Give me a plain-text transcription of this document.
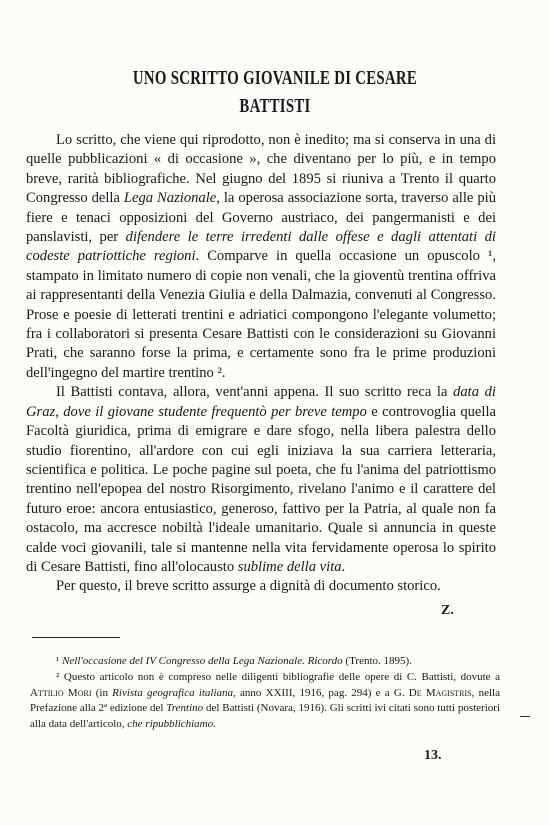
UNO SCRITTO GIOVANILE DI CESARE BATTISTI

Lo scritto, che viene qui riprodotto, non è inedito; ma si conserva in una di quelle pubblicazioni « di occasione », che diventano per lo più, e in tempo breve, rarità bibliografiche. Nel giugno del 1895 si riuniva a Trento il quarto Congresso della Lega Nazionale, la operosa associazione sorta, traverso alle più fiere e tenaci opposizioni del Governo austriaco, dei pangermanisti e dei panslavisti, per difendere le terre irredenti dalle offese e dagli attentati di codeste patriottiche regioni. Comparve in quella occasione un opuscolo ¹, stampato in limitato numero di copie non venali, che la gioventù trentina offriva ai rappresentanti della Venezia Giulia e della Dalmazia, convenuti al Congresso. Prose e poesie di letterati trentini e adriatici compongono l'elegante volumetto; fra i collaboratori si presenta Cesare Battisti con le considerazioni su Giovanni Prati, che saranno forse la prima, e certamente sono fra le prime produzioni dell'ingegno del martire trentino ².

Il Battisti contava, allora, vent'anni appena. Il suo scritto reca la data di Graz, dove il giovane studente frequentò per breve tempo e controvoglia quella Facoltà giuridica, prima di emigrare e dare sfogo, nella libera palestra dello studio fiorentino, all'ardore con cui egli iniziava la sua carriera letteraria, scientifica e politica. Le poche pagine sul poeta, che fu l'anima del patriottismo trentino nell'epopea del nostro Risorgimento, rivelano l'animo e il carattere del futuro eroe: ancora entusiastico, generoso, fattivo per la Patria, al quale non fa ostacolo, ma accresce nobiltà l'ideale umanitario. Quale si annuncia in queste calde voci giovanili, tale si mantenne nella vita fervidamente operosa lo spirito di Cesare Battisti, fino all'olocausto sublime della vita.

Per questo, il breve scritto assurge a dignità di documento storico.

Z.

¹ Nell'occasione del IV Congresso della Lega Nazionale. Ricordo (Trento. 1895).

² Questo articolo non è compreso nelle diligenti bibliografie delle opere di C. Battisti, dovute a Attilio Mori (in Rivista geografica italiana, anno XXIII, 1916, pag. 294) e a G. De Magistris, nella Prefazione alla 2ª edizione del Trentino del Battisti (Novara, 1916). Gli scritti ivi citati sono tutti posteriori alla data dell'articolo, che ripubblichiamo.

13.
